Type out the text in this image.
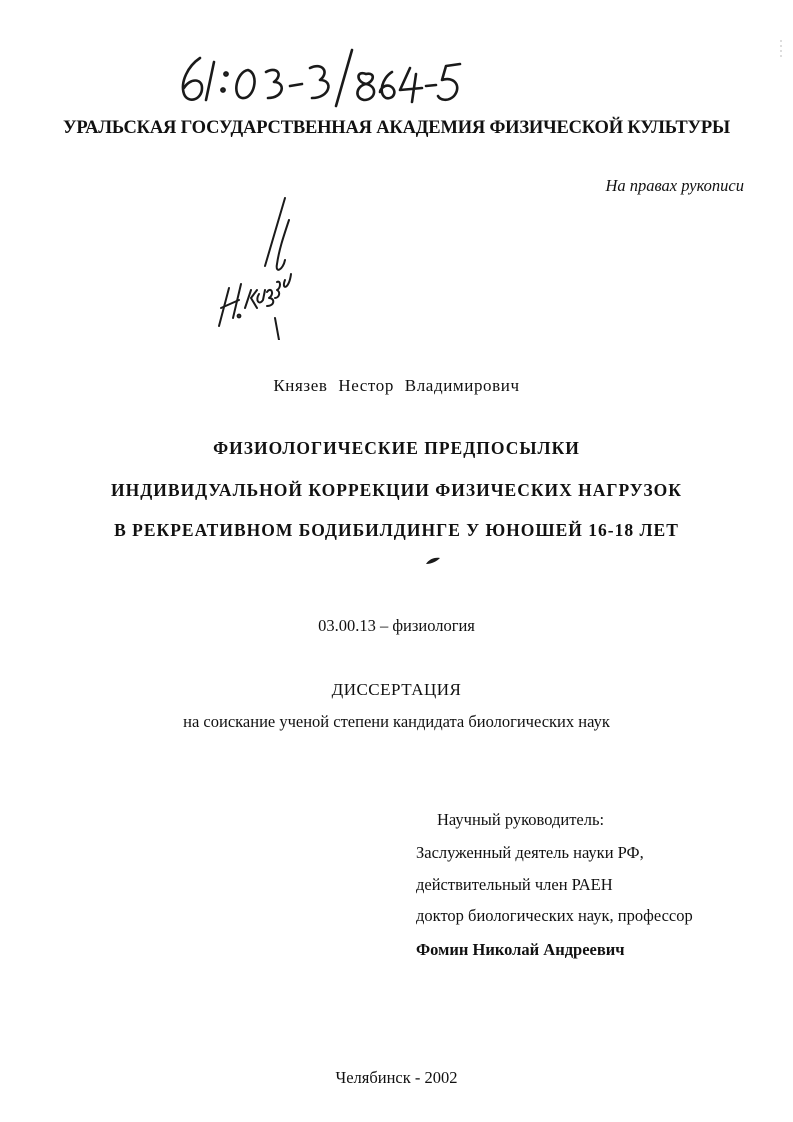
УРАЛЬСКАЯ ГОСУДАРСТВЕННАЯ АКАДЕМИЯ ФИЗИЧЕСКОЙ КУЛЬТУРЫ
На правах рукописи
Князев Нестор Владимирович
ФИЗИОЛОГИЧЕСКИЕ ПРЕДПОСЫЛКИ
ИНДИВИДУАЛЬНОЙ КОРРЕКЦИИ ФИЗИЧЕСКИХ НАГРУЗОК
В РЕКРЕАТИВНОМ БОДИБИЛДИНГЕ У ЮНОШЕЙ 16-18 ЛЕТ
03.00.13 – физиология
ДИССЕРТАЦИЯ
на соискание ученой степени кандидата биологических наук
Научный руководитель:
Заслуженный деятель науки РФ,
действительный член РАЕН
доктор биологических наук, профессор
Фомин Николай Андреевич
Челябинск - 2002
